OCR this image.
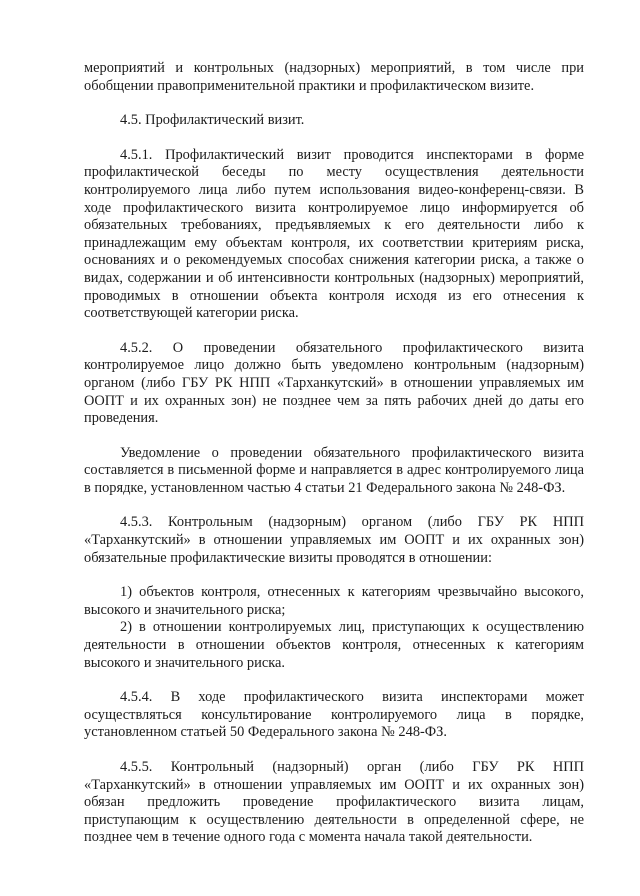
мероприятий и контрольных (надзорных) мероприятий, в том числе при обобщении правоприменительной практики и профилактическом визите.

4.5. Профилактический визит.

4.5.1. Профилактический визит проводится инспекторами в форме профилактической беседы по месту осуществления деятельности контролируемого лица либо путем использования видео-конференц-связи. В ходе профилактического визита контролируемое лицо информируется об обязательных требованиях, предъявляемых к его деятельности либо к принадлежащим ему объектам контроля, их соответствии критериям риска, основаниях и о рекомендуемых способах снижения категории риска, а также о видах, содержании и об интенсивности контрольных (надзорных) мероприятий, проводимых в отношении объекта контроля исходя из его отнесения к соответствующей категории риска.

4.5.2. О проведении обязательного профилактического визита контролируемое лицо должно быть уведомлено контрольным (надзорным) органом (либо ГБУ РК НПП «Тарханкутский» в отношении управляемых им ООПТ и их охранных зон) не позднее чем за пять рабочих дней до даты его проведения.

Уведомление о проведении обязательного профилактического визита составляется в письменной форме и направляется в адрес контролируемого лица в порядке, установленном частью 4 статьи 21 Федерального закона № 248-ФЗ.

4.5.3. Контрольным (надзорным) органом (либо ГБУ РК НПП «Тарханкутский» в отношении управляемых им ООПТ и их охранных зон) обязательные профилактические визиты проводятся в отношении:

1) объектов контроля, отнесенных к категориям чрезвычайно высокого, высокого и значительного риска;

2) в отношении контролируемых лиц, приступающих к осуществлению деятельности в отношении объектов контроля, отнесенных к категориям высокого и значительного риска.

4.5.4. В ходе профилактического визита инспекторами может осуществляться консультирование контролируемого лица в порядке, установленном статьей 50 Федерального закона № 248-ФЗ.

4.5.5. Контрольный (надзорный) орган (либо ГБУ РК НПП «Тарханкутский» в отношении управляемых им ООПТ и их охранных зон) обязан предложить проведение профилактического визита лицам, приступающим к осуществлению деятельности в определенной сфере, не позднее чем в течение одного года с момента начала такой деятельности.
